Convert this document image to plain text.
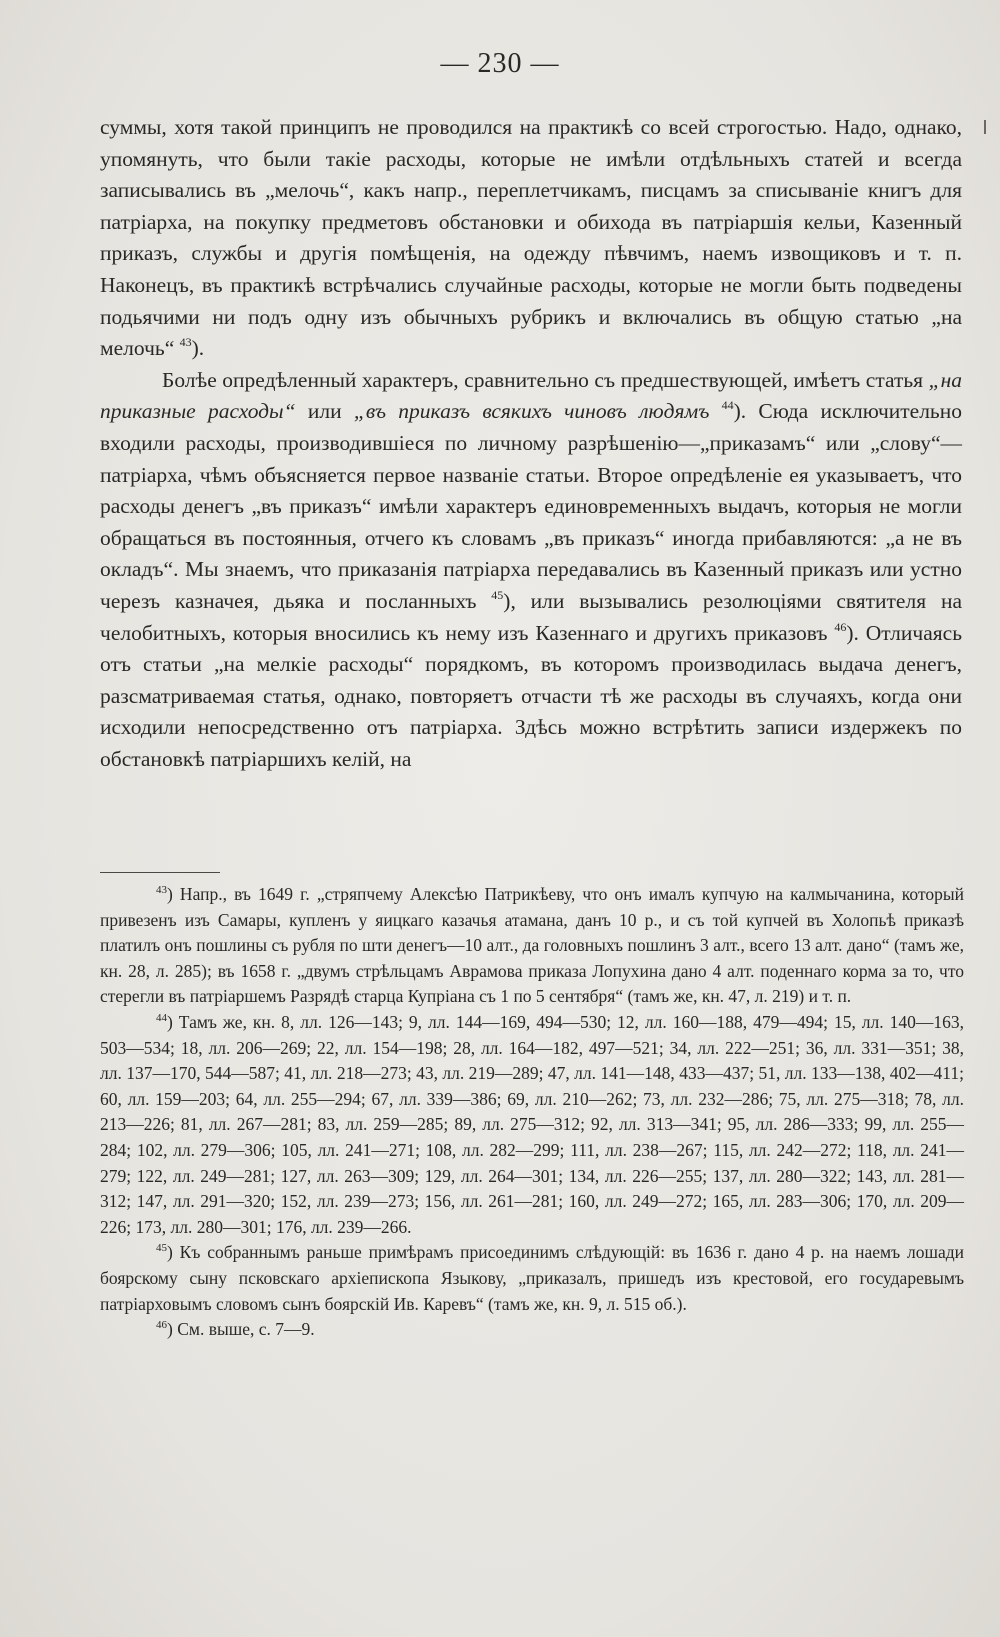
— 230 —

суммы, хотя такой принципъ не проводился на практикѣ со всей строгостью. Надо, однако, упомянуть, что были такіе расходы, которые не имѣли отдѣльныхъ статей и всегда записывались въ „мелочь“, какъ напр., переплетчикамъ, писцамъ за списываніе книгъ для патріарха, на покупку предметовъ обстановки и обихода въ патріаршія кельи, Казенный приказъ, службы и другія помѣщенія, на одежду пѣвчимъ, наемъ извощиковъ и т. п. Наконецъ, въ практикѣ встрѣчались случайные расходы, которые не могли быть подведены подьячими ни подъ одну изъ обычныхъ рубрикъ и включались въ общую статью „на мелочь“ $^{43}$).

Болѣе опредѣленный характеръ, сравнительно съ предшествующей, имѣетъ статья „на приказные расходы“ или „въ приказъ всякихъ чиновъ людямъ $^{44}$). Сюда исключительно входили расходы, производившіеся по личному разрѣшенію—„приказамъ“ или „слову“—патріарха, чѣмъ объясняется первое названіе статьи. Второе опредѣленіе ея указываетъ, что расходы денегъ „въ приказъ“ имѣли характеръ единовременныхъ выдачъ, которыя не могли обращаться въ постоянныя, отчего къ словамъ „въ приказъ“ иногда прибавляются: „а не въ окладъ“. Мы знаемъ, что приказанія патріарха передавались въ Казенный приказъ или устно черезъ казначея, дьяка и посланныхъ $^{45}$), или вызывались резолюціями святителя на челобитныхъ, которыя вносились къ нему изъ Казеннаго и другихъ приказовъ $^{46}$). Отличаясь отъ статьи „на мелкіе расходы“ порядкомъ, въ которомъ производилась выдача денегъ, разсматриваемая статья, однако, повторяетъ отчасти тѣ же расходы въ случаяхъ, когда они исходили непосредственно отъ патріарха. Здѣсь можно встрѣтить записи издержекъ по обстановкѣ патріаршихъ келій, на

$^{43}$) Напр., въ 1649 г. „стряпчему Алексѣю Патрикѣеву, что онъ ималъ купчую на калмычанина, который привезенъ изъ Самары, купленъ у яицкаго казачья атамана, данъ 10 р., и съ той купчей въ Холопьѣ приказѣ платилъ онъ пошлины съ рубля по шти денегъ—10 алт., да головныхъ пошлинъ 3 алт., всего 13 алт. дано“ (тамъ же, кн. 28, л. 285); въ 1658 г. „двумъ стрѣльцамъ Аврамова приказа Лопухина дано 4 алт. поденнаго корма за то, что стерегли въ патріаршемъ Разрядѣ старца Купріана съ 1 по 5 сентября“ (тамъ же, кн. 47, л. 219) и т. п.

$^{44}$) Тамъ же, кн. 8, лл. 126—143; 9, лл. 144—169, 494—530; 12, лл. 160—188, 479—494; 15, лл. 140—163, 503—534; 18, лл. 206—269; 22, лл. 154—198; 28, лл. 164—182, 497—521; 34, лл. 222—251; 36, лл. 331—351; 38, лл. 137—170, 544—587; 41, лл. 218—273; 43, лл. 219—289; 47, лл. 141—148, 433—437; 51, лл. 133—138, 402—411; 60, лл. 159—203; 64, лл. 255—294; 67, лл. 339—386; 69, лл. 210—262; 73, лл. 232—286; 75, лл. 275—318; 78, лл. 213—226; 81, лл. 267—281; 83, лл. 259—285; 89, лл. 275—312; 92, лл. 313—341; 95, лл. 286—333; 99, лл. 255—284; 102, лл. 279—306; 105, лл. 241—271; 108, лл. 282—299; 111, лл. 238—267; 115, лл. 242—272; 118, лл. 241—279; 122, лл. 249—281; 127, лл. 263—309; 129, лл. 264—301; 134, лл. 226—255; 137, лл. 280—322; 143, лл. 281—312; 147, лл. 291—320; 152, лл. 239—273; 156, лл. 261—281; 160, лл. 249—272; 165, лл. 283—306; 170, лл. 209—226; 173, лл. 280—301; 176, лл. 239—266.

$^{45}$) Къ собраннымъ раньше примѣрамъ присоединимъ слѣдующій: въ 1636 г. дано 4 р. на наемъ лошади боярскому сыну псковскаго архіепископа Языкову, „приказалъ, пришедъ изъ крестовой, его государевымъ патріарховымъ словомъ сынъ боярскій Ив. Каревъ“ (тамъ же, кн. 9, л. 515 об.).

$^{46}$) См. выше, с. 7—9.
